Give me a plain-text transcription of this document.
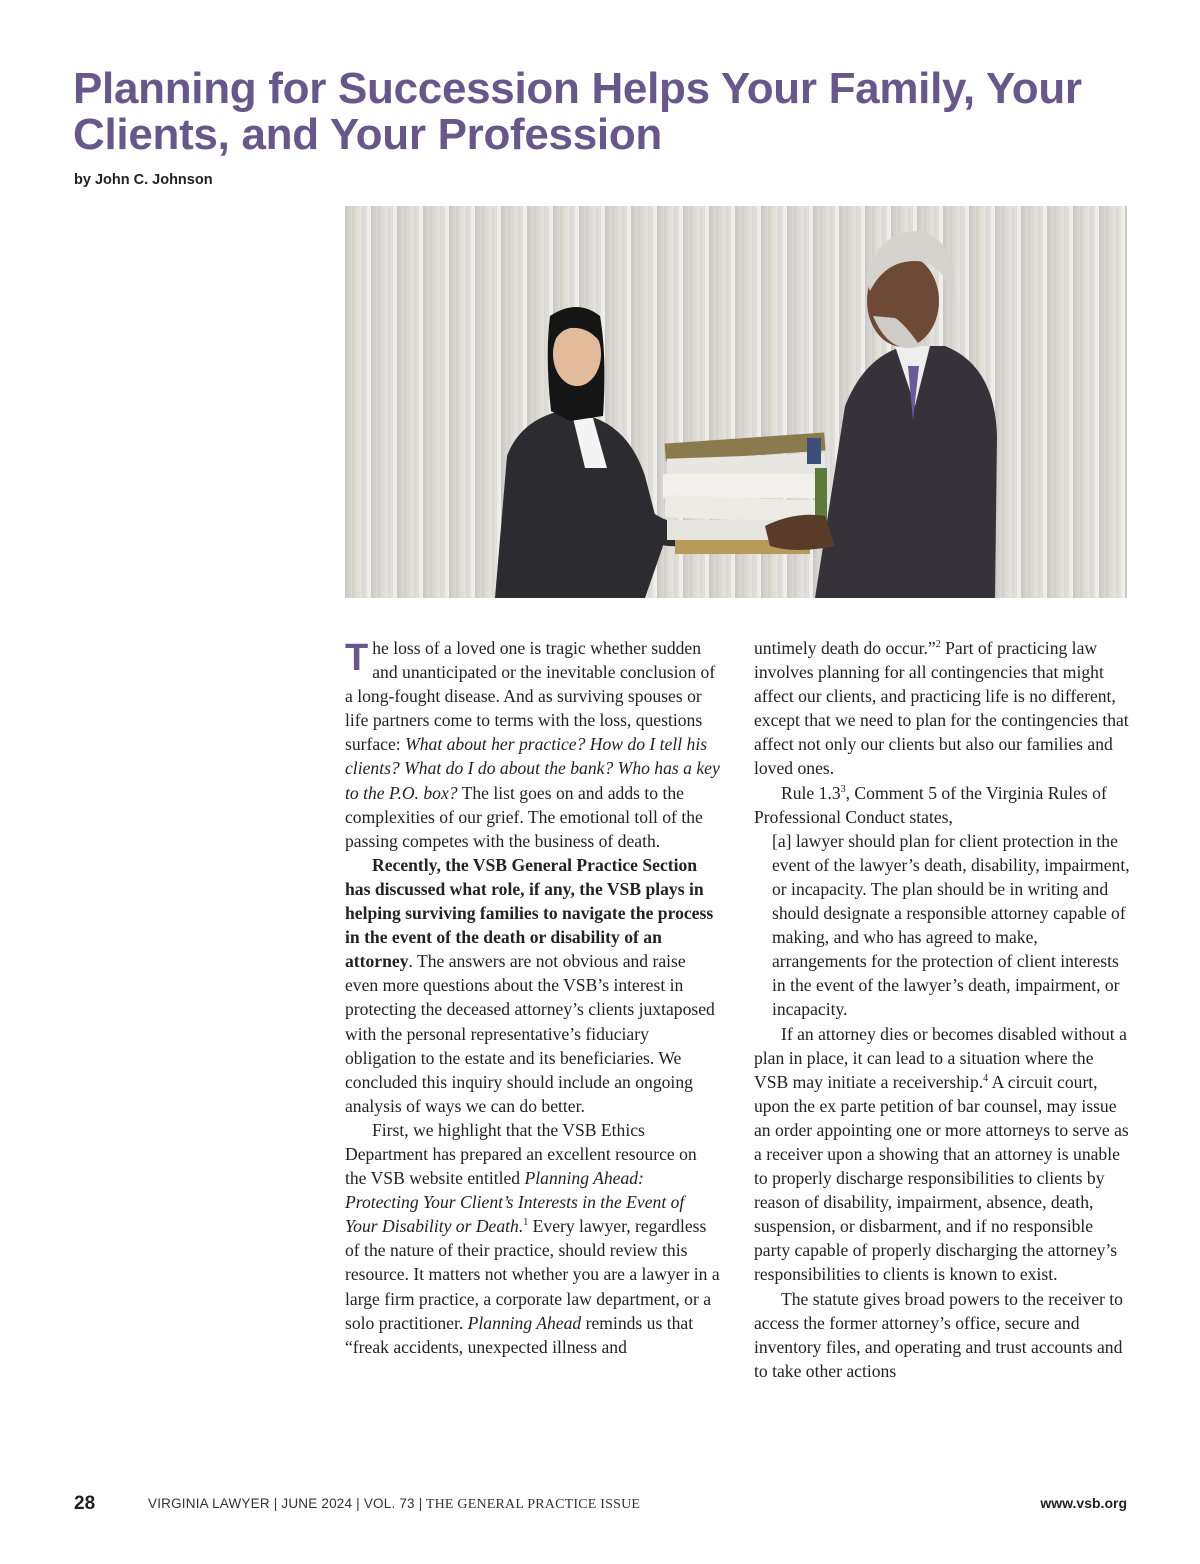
Planning for Succession Helps Your Family, Your Clients, and Your Profession
by John C. Johnson

The loss of a loved one is tragic whether sudden and unanticipated or the inevitable conclusion of a long-fought disease. And as surviving spouses or life partners come to terms with the loss, questions surface: What about her practice? How do I tell his clients? What do I do about the bank? Who has a key to the P.O. box? The list goes on and adds to the complexities of our grief. The emotional toll of the passing competes with the business of death.

Recently, the VSB General Practice Section has discussed what role, if any, the VSB plays in helping surviving families to navigate the process in the event of the death or disability of an attorney. The answers are not obvious and raise even more questions about the VSB’s interest in protecting the deceased attorney’s clients juxtaposed with the personal representative’s fiduciary obligation to the estate and its beneficiaries. We concluded this inquiry should include an ongoing analysis of ways we can do better.

First, we highlight that the VSB Ethics Department has prepared an excellent resource on the VSB website entitled Planning Ahead: Protecting Your Client’s Interests in the Event of Your Disability or Death.$^1$ Every lawyer, regardless of the nature of their practice, should review this resource. It matters not whether you are a lawyer in a large firm practice, a corporate law department, or a solo practitioner. Planning Ahead reminds us that “freak accidents, unexpected illness and

untimely death do occur.”$^2$ Part of practicing law involves planning for all contingencies that might affect our clients, and practicing life is no different, except that we need to plan for the contingencies that affect not only our clients but also our families and loved ones.

Rule $1.3^3$, Comment 5 of the Virginia Rules of Professional Conduct states,

[a] lawyer should plan for client protection in the event of the lawyer’s death, disability, impairment, or incapacity. The plan should be in writing and should designate a responsible attorney capable of making, and who has agreed to make, arrangements for the protection of client interests in the event of the lawyer’s death, impairment, or incapacity.

If an attorney dies or becomes disabled without a plan in place, it can lead to a situation where the VSB may initiate a receivership.$^4$ A circuit court, upon the ex parte petition of bar counsel, may issue an order appointing one or more attorneys to serve as a receiver upon a showing that an attorney is unable to properly discharge responsibilities to clients by reason of disability, impairment, absence, death, suspension, or disbarment, and if no responsible party capable of properly discharging the attorney’s responsibilities to clients is known to exist.

The statute gives broad powers to the receiver to access the former attorney’s office, secure and inventory files, and operating and trust accounts and to take other actions

28	VIRGINIA LAWYER | JUNE 2024 | VOL. 73 | THE GENERAL PRACTICE ISSUE	www.vsb.org
